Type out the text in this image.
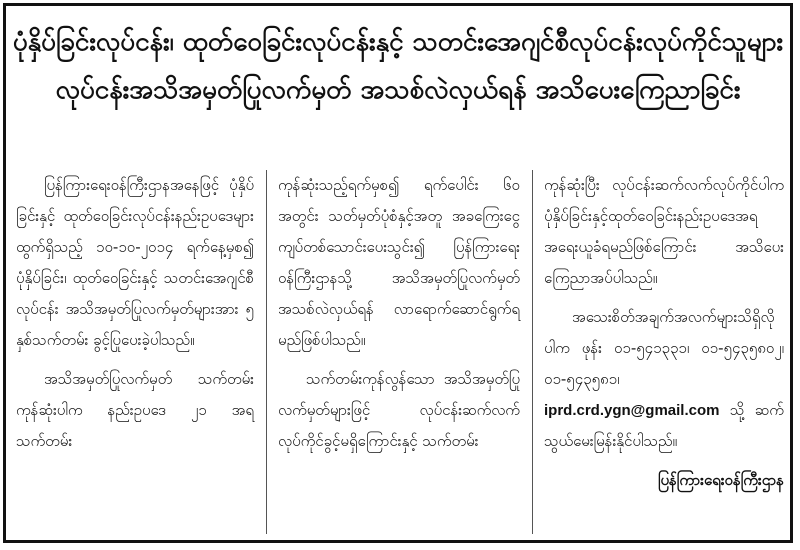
ပုံနှိပ်ခြင်းလုပ်ငန်း၊ ထုတ်ဝေခြင်းလုပ်ငန်းနှင့် သတင်းအေဂျင်စီလုပ်ငန်းလုပ်ကိုင်သူများ

လုပ်ငန်းအသိအမှတ်ပြုလက်မှတ် အသစ်လဲလှယ်ရန် အသိပေးကြေညာခြင်း

ပြန်ကြားရေးဝန်ကြီးဌာနအနေဖြင့် ပုံနှိပ်ခြင်းနှင့် ထုတ်ဝေခြင်းလုပ်ငန်းနည်းဥပဒေများထွက်ရှိသည့် ၁၀-၁၀-၂၀၁၄ ရက်နေ့မှစ၍ ပုံနှိပ်ခြင်း၊ ထုတ်ဝေခြင်းနှင့် သတင်းအေဂျင်စီလုပ်ငန်း အသိအမှတ်ပြုလက်မှတ်များအား ၅ နှစ်သက်တမ်း ခွင့်ပြုပေးခဲ့ပါသည်။

အသိအမှတ်ပြုလက်မှတ် သက်တမ်းကုန်ဆုံးပါက နည်းဥပဒေ ၂၁ အရ သက်တမ်း

ကုန်ဆုံးသည့်ရက်မှစ၍ ရက်ပေါင်း ၆၀ အတွင်း သတ်မှတ်ပုံစံနှင့်အတူ အခကြေးငွေ ကျပ်တစ်သောင်းပေးသွင်း၍ ပြန်ကြားရေးဝန်ကြီးဌာနသို့ အသိအမှတ်ပြုလက်မှတ် အသစ်လဲလှယ်ရန် လာရောက်ဆောင်ရွက်ရမည်ဖြစ်ပါသည်။

သက်တမ်းကုန်လွန်သော အသိအမှတ်ပြုလက်မှတ်များဖြင့် လုပ်ငန်းဆက်လက်လုပ်ကိုင်ခွင့်မရှိကြောင်းနှင့် သက်တမ်း

ကုန်ဆုံးပြီး လုပ်ငန်းဆက်လက်လုပ်ကိုင်ပါက ပုံနှိပ်ခြင်းနှင့်ထုတ်ဝေခြင်းနည်းဥပဒေအရ အရေးယူခံရမည်ဖြစ်ကြောင်း အသိပေးကြေညာအပ်ပါသည်။

အသေးစိတ်အချက်အလက်များသိရှိလိုပါက ဖုန်း ၀၁-၅၄၁၃၃၁၊ ၀၁-၅၄၃၅၈၀၂၊ ၀၁-၅၄၃၅၈၁၊ iprd.crd.ygn@gmail.com သို့ ဆက်သွယ်မေးမြန်းနိုင်ပါသည်။

ပြန်ကြားရေးဝန်ကြီးဌာန
